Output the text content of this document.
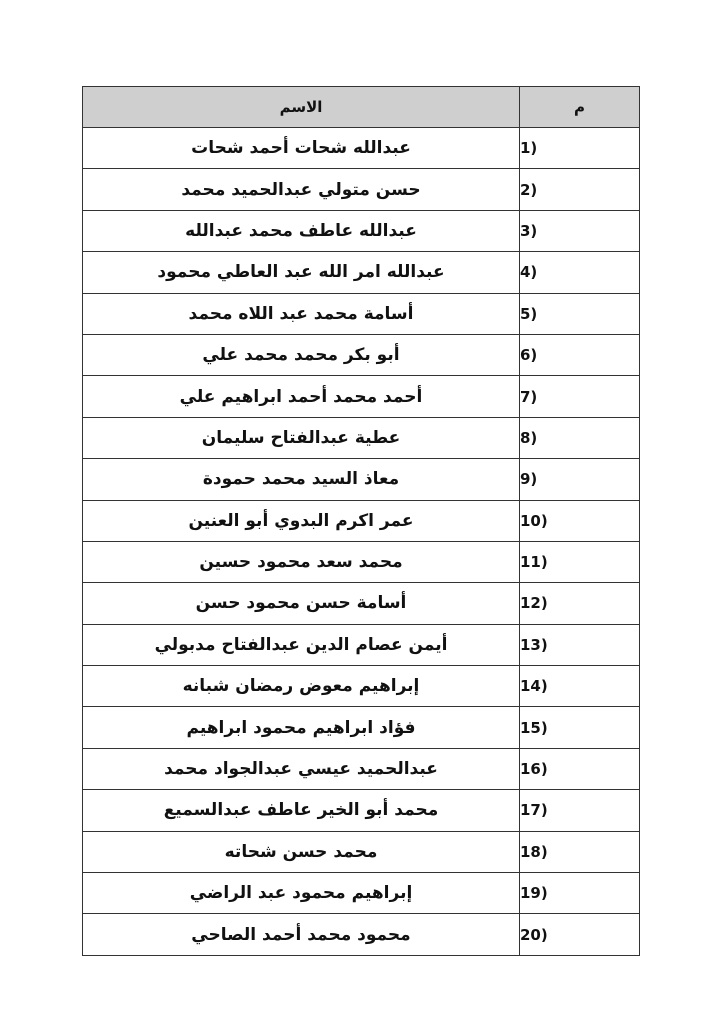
م	الاسم
1)	عبدالله شحات أحمد شحات
2)	حسن متولي عبدالحميد محمد
3)	عبدالله عاطف محمد عبدالله
4)	عبدالله امر الله عبد العاطي محمود
5)	أسامة محمد عبد اللاه محمد
6)	أبو بكر محمد محمد علي
7)	أحمد محمد أحمد ابراهيم علي
8)	عطية عبدالفتاح سليمان
9)	معاذ السيد محمد حمودة
10)	عمر اكرم البدوي أبو العنين
11)	محمد سعد محمود حسين
12)	أسامة حسن محمود حسن
13)	أيمن عصام الدين عبدالفتاح مدبولي
14)	إبراهيم معوض رمضان شبانه
15)	فؤاد ابراهيم محمود ابراهيم
16)	عبدالحميد عيسي عبدالجواد محمد
17)	محمد أبو الخير عاطف عبدالسميع
18)	محمد حسن شحاته
19)	إبراهيم محمود عبد الراضي
20)	محمود محمد أحمد الصاحي
